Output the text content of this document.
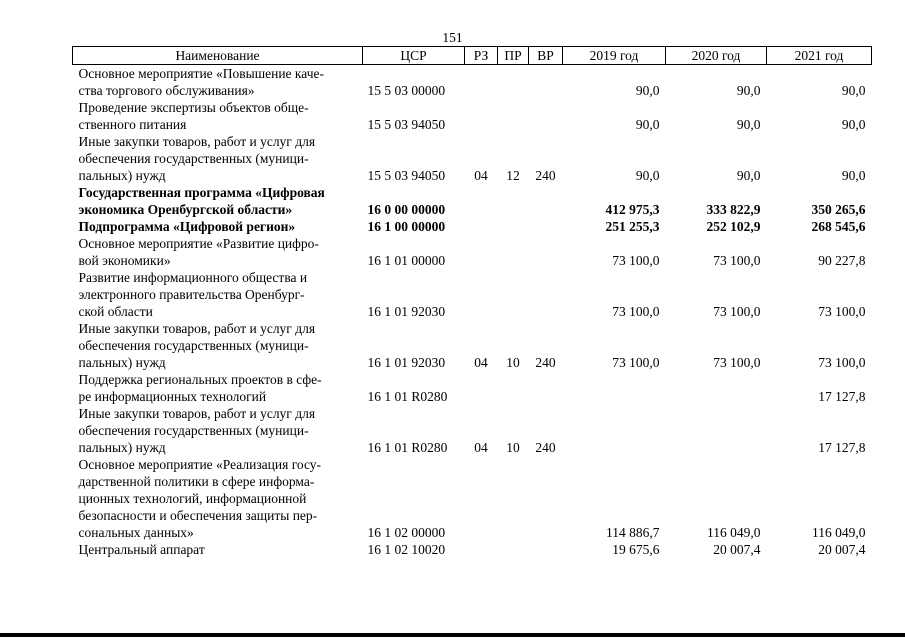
151
Наименование	ЦСР	РЗ	ПР	ВР	2019 год	2020 год	2021 год

Основное мероприятие «Повышение каче-
ства торгового обслуживания»	15 5 03 00000				90,0	90,0	90,0

Проведение экспертизы объектов обще-
ственного питания	15 5 03 94050				90,0	90,0	90,0

Иные закупки товаров, работ и услуг для
обеспечения государственных (муници-
пальных) нужд	15 5 03 94050	04	12	240	90,0	90,0	90,0

Государственная программа «Цифровая
экономика Оренбургской области»	16 0 00 00000				412 975,3	333 822,9	350 265,6

Подпрограмма «Цифровой регион»	16 1 00 00000				251 255,3	252 102,9	268 545,6

Основное мероприятие «Развитие цифро-
вой экономики»	16 1 01 00000				73 100,0	73 100,0	90 227,8

Развитие информационного общества и
электронного правительства Оренбург-
ской области	16 1 01 92030				73 100,0	73 100,0	73 100,0

Иные закупки товаров, работ и услуг для
обеспечения государственных (муници-
пальных) нужд	16 1 01 92030	04	10	240	73 100,0	73 100,0	73 100,0

Поддержка региональных проектов в сфе-
ре информационных технологий	16 1 01 R0280						17 127,8

Иные закупки товаров, работ и услуг для
обеспечения государственных (муници-
пальных) нужд	16 1 01 R0280	04	10	240			17 127,8

Основное мероприятие «Реализация госу-
дарственной политики в сфере информа-
ционных технологий, информационной
безопасности и обеспечения защиты пер-
сональных данных»	16 1 02 00000				114 886,7	116 049,0	116 049,0

Центральный аппарат	16 1 02 10020				19 675,6	20 007,4	20 007,4
